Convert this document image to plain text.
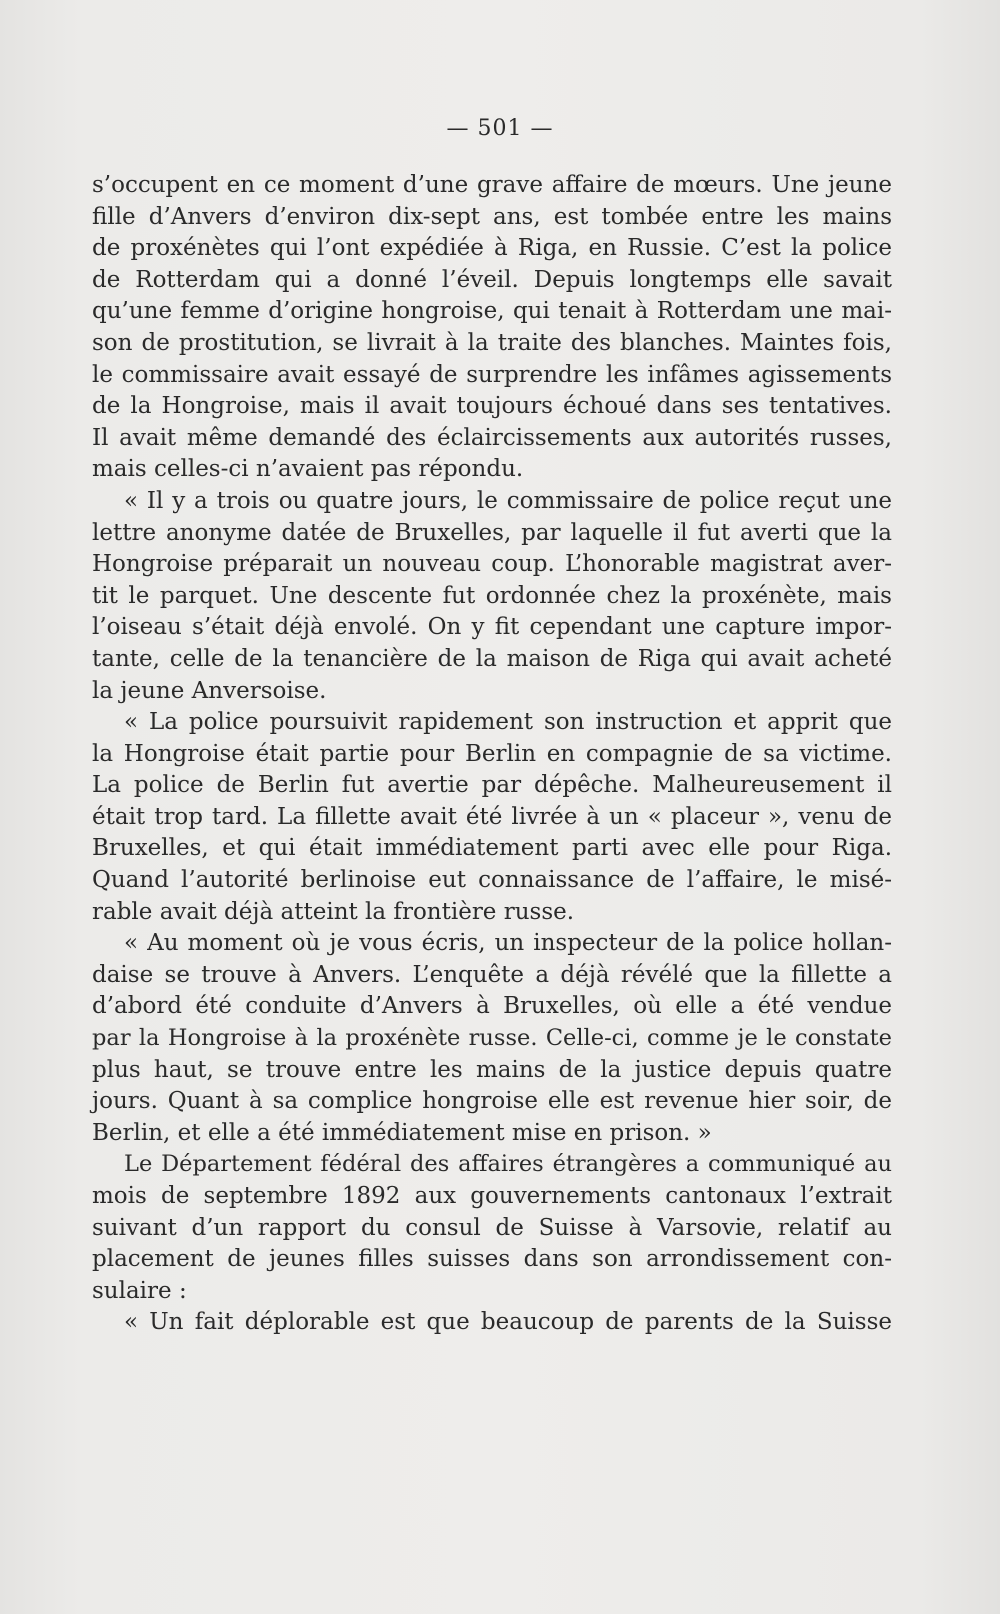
— 501 —
s’occupent en ce moment d’une grave affaire de mœurs. Une jeune
fille d’Anvers d’environ dix-sept ans, est tombée entre les mains
de proxénètes qui l’ont expédiée à Riga, en Russie. C’est la police
de Rotterdam qui a donné l’éveil. Depuis longtemps elle savait
qu’une femme d’origine hongroise, qui tenait à Rotterdam une mai-
son de prostitution, se livrait à la traite des blanches. Maintes fois,
le commissaire avait essayé de surprendre les infâmes agissements
de la Hongroise, mais il avait toujours échoué dans ses tentatives.
Il avait même demandé des éclaircissements aux autorités russes,
mais celles-ci n’avaient pas répondu.
« Il y a trois ou quatre jours, le commissaire de police reçut une
lettre anonyme datée de Bruxelles, par laquelle il fut averti que la
Hongroise préparait un nouveau coup. L’honorable magistrat aver-
tit le parquet. Une descente fut ordonnée chez la proxénète, mais
l’oiseau s’était déjà envolé. On y fit cependant une capture impor-
tante, celle de la tenancière de la maison de Riga qui avait acheté
la jeune Anversoise.
« La police poursuivit rapidement son instruction et apprit que
la Hongroise était partie pour Berlin en compagnie de sa victime.
La police de Berlin fut avertie par dépêche. Malheureusement il
était trop tard. La fillette avait été livrée à un « placeur », venu de
Bruxelles, et qui était immédiatement parti avec elle pour Riga.
Quand l’autorité berlinoise eut connaissance de l’affaire, le misé-
rable avait déjà atteint la frontière russe.
« Au moment où je vous écris, un inspecteur de la police hollan-
daise se trouve à Anvers. L’enquête a déjà révélé que la fillette a
d’abord été conduite d’Anvers à Bruxelles, où elle a été vendue
par la Hongroise à la proxénète russe. Celle-ci, comme je le constate
plus haut, se trouve entre les mains de la justice depuis quatre
jours. Quant à sa complice hongroise elle est revenue hier soir, de
Berlin, et elle a été immédiatement mise en prison. »
Le Département fédéral des affaires étrangères a communiqué au
mois de septembre 1892 aux gouvernements cantonaux l’extrait
suivant d’un rapport du consul de Suisse à Varsovie, relatif au
placement de jeunes filles suisses dans son arrondissement con-
sulaire :
« Un fait déplorable est que beaucoup de parents de la Suisse
